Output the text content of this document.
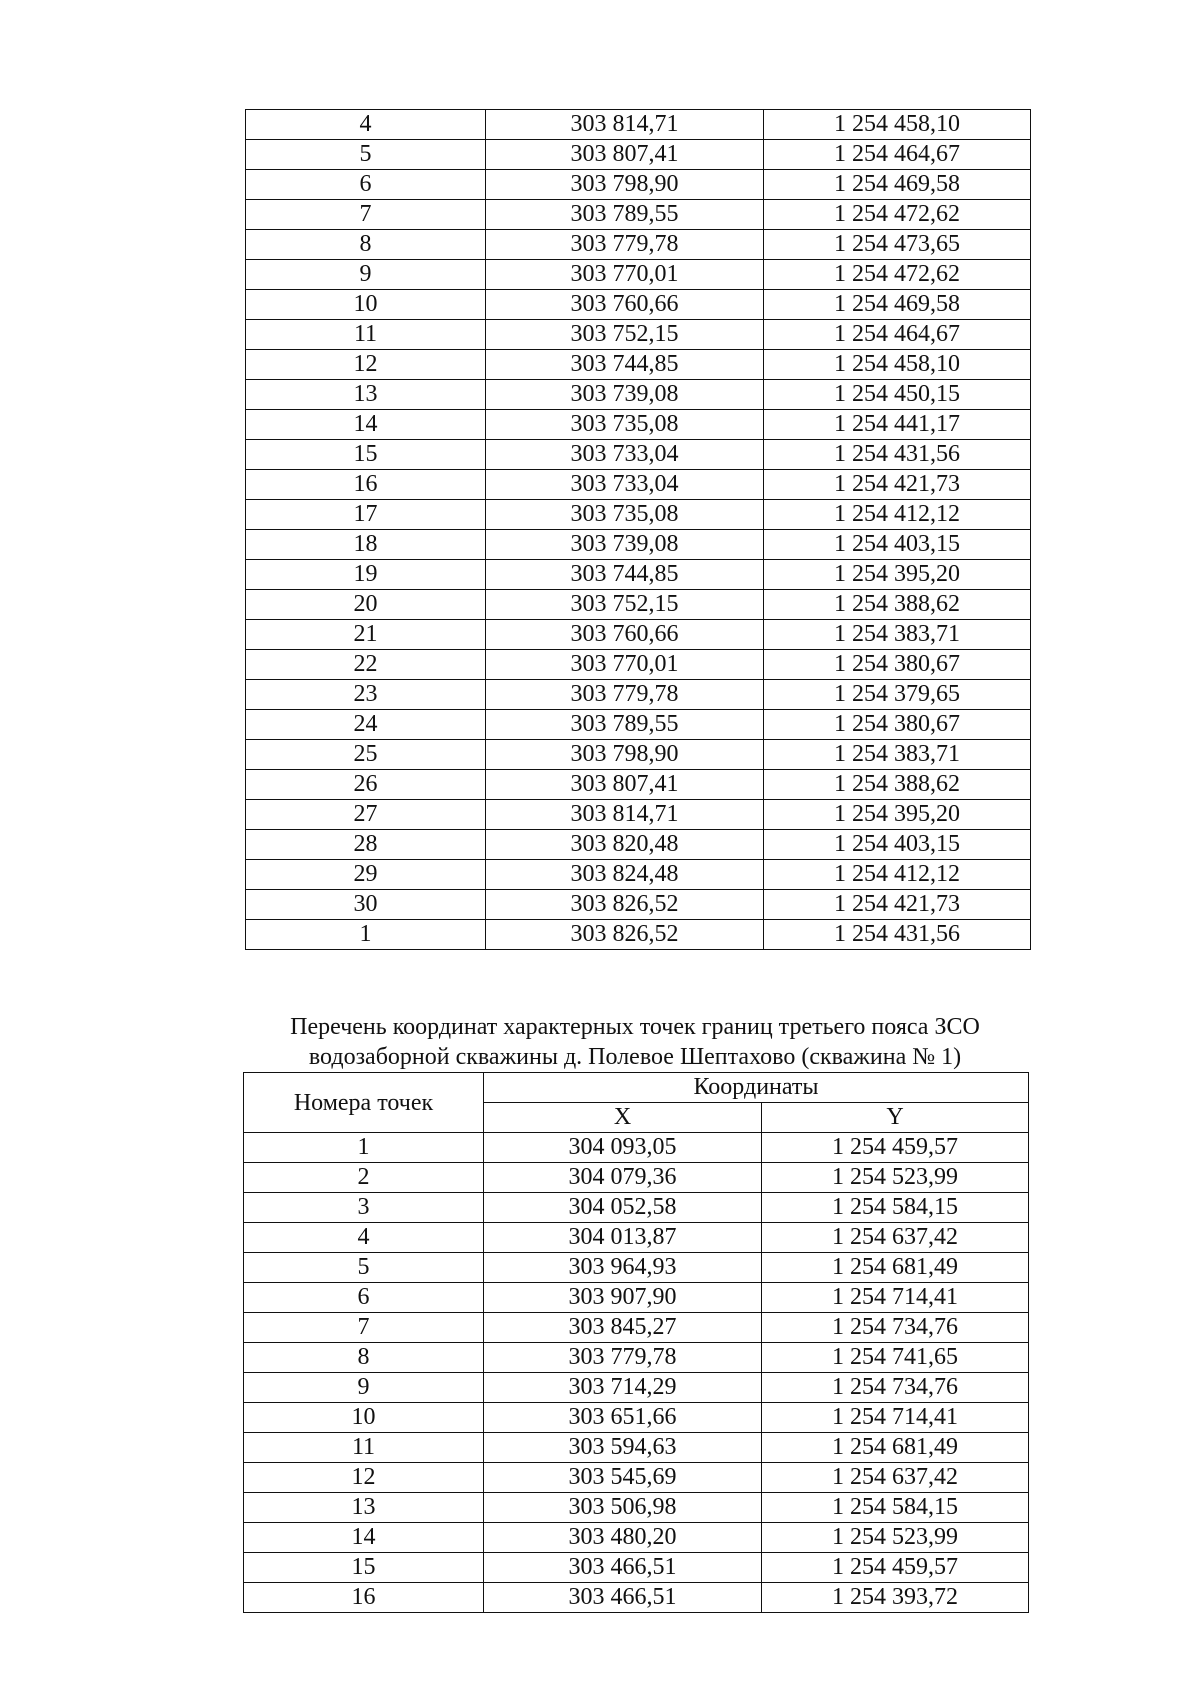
4	303 814,71	1 254 458,10
5	303 807,41	1 254 464,67
6	303 798,90	1 254 469,58
7	303 789,55	1 254 472,62
8	303 779,78	1 254 473,65
9	303 770,01	1 254 472,62
10	303 760,66	1 254 469,58
11	303 752,15	1 254 464,67
12	303 744,85	1 254 458,10
13	303 739,08	1 254 450,15
14	303 735,08	1 254 441,17
15	303 733,04	1 254 431,56
16	303 733,04	1 254 421,73
17	303 735,08	1 254 412,12
18	303 739,08	1 254 403,15
19	303 744,85	1 254 395,20
20	303 752,15	1 254 388,62
21	303 760,66	1 254 383,71
22	303 770,01	1 254 380,67
23	303 779,78	1 254 379,65
24	303 789,55	1 254 380,67
25	303 798,90	1 254 383,71
26	303 807,41	1 254 388,62
27	303 814,71	1 254 395,20
28	303 820,48	1 254 403,15
29	303 824,48	1 254 412,12
30	303 826,52	1 254 421,73
1	303 826,52	1 254 431,56
Перечень координат характерных точек границ третьего пояса ЗСО
водозаборной скважины д. Полевое Шептахово (скважина № 1)
Номера точек	Координаты	
	X	Y
1	304 093,05	1 254 459,57
2	304 079,36	1 254 523,99
3	304 052,58	1 254 584,15
4	304 013,87	1 254 637,42
5	303 964,93	1 254 681,49
6	303 907,90	1 254 714,41
7	303 845,27	1 254 734,76
8	303 779,78	1 254 741,65
9	303 714,29	1 254 734,76
10	303 651,66	1 254 714,41
11	303 594,63	1 254 681,49
12	303 545,69	1 254 637,42
13	303 506,98	1 254 584,15
14	303 480,20	1 254 523,99
15	303 466,51	1 254 459,57
16	303 466,51	1 254 393,72
